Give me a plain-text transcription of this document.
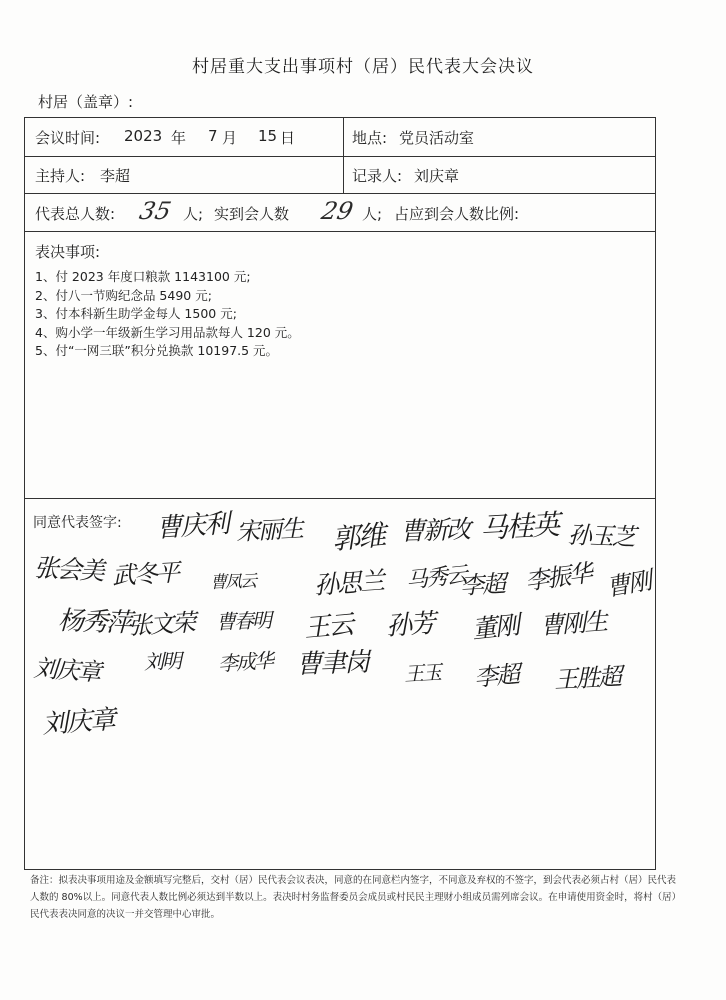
村居重大支出事项村（居）民代表大会决议
村居（盖章）:
会议时间: 2023 年 7 月 15 日	地点: 党员活动室
主持人: 李超	记录人: 刘庆章
代表总人数: 35 人; 实到会人数 29 人; 占应到会人数比例:
表决事项:
1、付 2023 年度口粮款 1143100 元;
2、付八一节购纪念品 5490 元;
3、付本科新生助学金每人 1500 元;
4、购小学一年级新生学习用品款每人 120 元。
5、付“一网三联”积分兑换款 10197.5 元。
同意代表签字: 曹庆利 宋丽生 郭维 曹新改 马桂英 孙玉芝
张会美 武冬平 曹凤云 孙思兰 马秀云
李超 李振华 曹刚
杨秀萍
张文荣 曹春明 王云 孙芳 董刚 曹刚生
刘庆章 刘明 李成华 曹聿岗 王玉 李超 王胜超
刘庆章
备注：拟表决事项用途及金额填写完整后，交村（居）民代表会议表决，同意的在同意栏内签字，不同意及弃权的不签字，到会代表必须占村（居）民代表人数的 80%以上。同意代表人数比例必须达到半数以上。表决时村务监督委员会成员或村民民主理财小组成员需列席会议。在申请使用资金时，将村（居）民代表表决同意的决议一并交管理中心审批。
